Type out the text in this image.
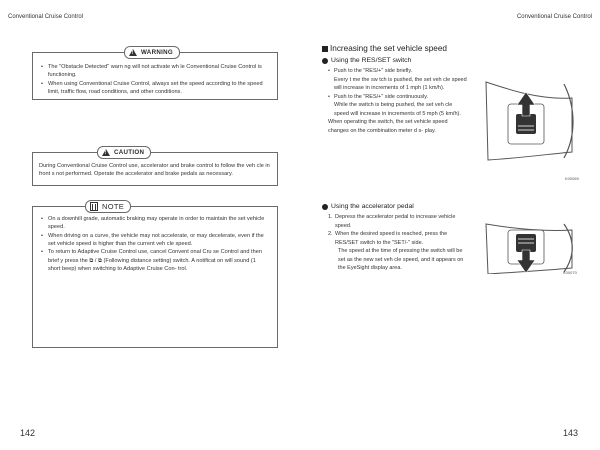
Conventional Cruise Control
!
WARNING
• The "Obstacle Detected" warn ng will not activate wh le Conventional Cruise Control is functioning.
• When using Conventional Cruise Control, always set the speed according to the speed limit, traffic flow, road conditions, and other conditions.
!
CAUTION
During Conventional Cruise Control use, accelerator and brake control to follow the veh cle in front s not performed. Operate the accelerator and brake pedals as necessary.
NOTE
• On a downhill grade, automatic braking may operate in order to maintain the set vehicle speed.
• When driving on a curve, the vehicle may not accelerate, or may decelerate, even if the set vehicle speed is higher than the current veh cle speed.
• To return to Adaptive Cruise Control use, cancel Convent onal Cru se Control and then brief y press the ⧉ / ⧉ (Following distance setting) switch. A notificat on will sound (1 short beep) when switching to Adaptive Cruise Con- trol.
142
Conventional Cruise Control
143
Increasing the set vehicle speed
Using the RES/SET switch
• Push to the "RES/+" side briefly.
Every t me the sw tch is pushed, the set veh cle speed will increase in increments of 1 mph (1 km/h).
• Push to the "RES/+" side continuously.
While the switch is being pushed, the set veh cle speed will increase in increments of 5 mph (5 km/h).
When operating the switch, the set vehicle speed changes on the combination meter d s- play.
K00069
Using the accelerator pedal
1. Depress the accelerator pedal to increase vehicle speed.
2. When the desired speed is reached, press the RES/SET switch to the "SET/-" side.
The speed at the time of pressing the switch will be set as the new set veh cle speed, and it appears on the EyeSight display area.
K00070
